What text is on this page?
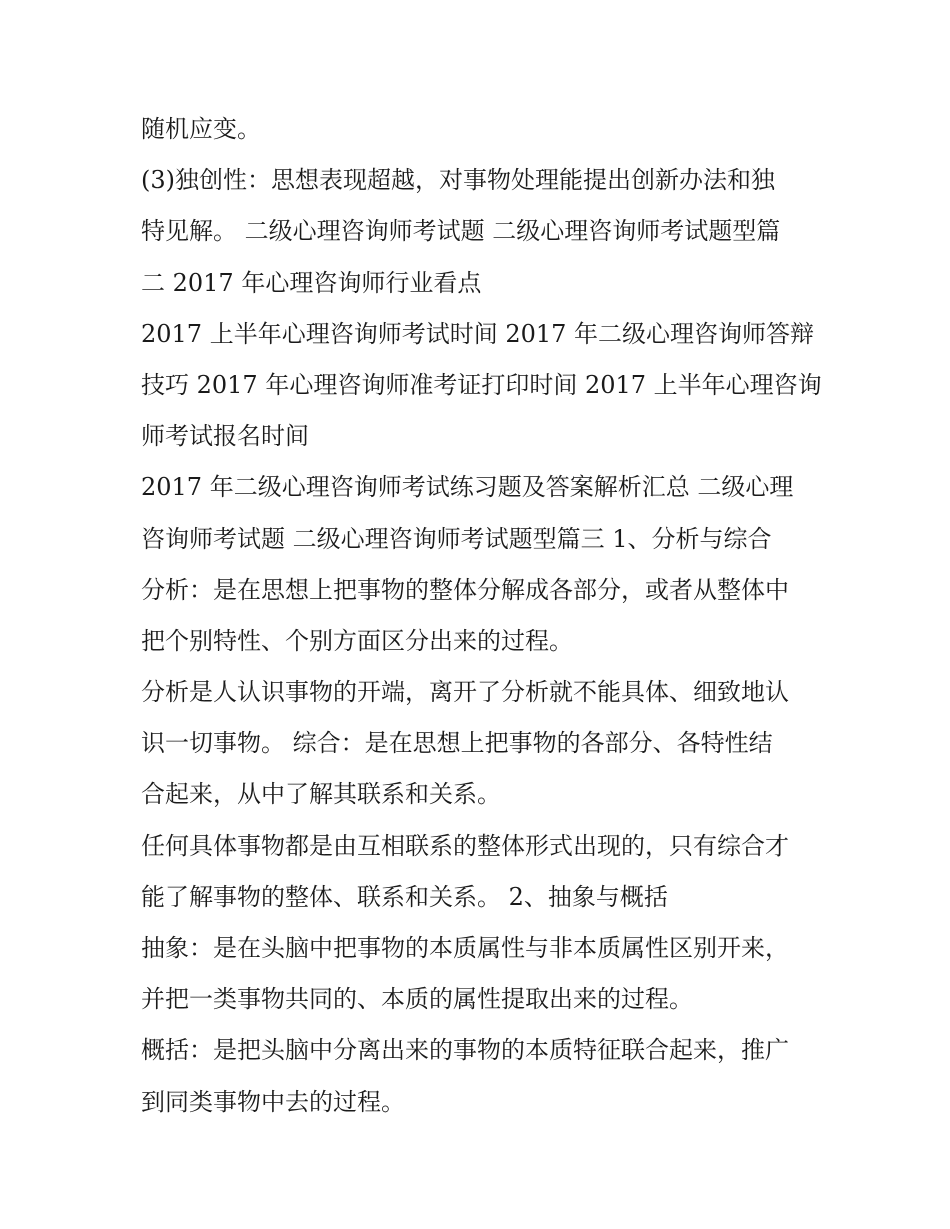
随机应变。
(3)独创性：思想表现超越，对事物处理能提出创新办法和独
特见解。 二级心理咨询师考试题 二级心理咨询师考试题型篇
二 2017 年心理咨询师行业看点
2017 上半年心理咨询师考试时间 2017 年二级心理咨询师答辩
技巧 2017 年心理咨询师准考证打印时间 2017 上半年心理咨询
师考试报名时间
2017 年二级心理咨询师考试练习题及答案解析汇总 二级心理
咨询师考试题 二级心理咨询师考试题型篇三 1、分析与综合
分析：是在思想上把事物的整体分解成各部分，或者从整体中
把个别特性、个别方面区分出来的过程。
分析是人认识事物的开端，离开了分析就不能具体、细致地认
识一切事物。 综合：是在思想上把事物的各部分、各特性结
合起来，从中了解其联系和关系。
任何具体事物都是由互相联系的整体形式出现的，只有综合才
能了解事物的整体、联系和关系。 2、抽象与概括
抽象：是在头脑中把事物的本质属性与非本质属性区别开来，
并把一类事物共同的、本质的属性提取出来的过程。
概括：是把头脑中分离出来的事物的本质特征联合起来，推广
到同类事物中去的过程。
